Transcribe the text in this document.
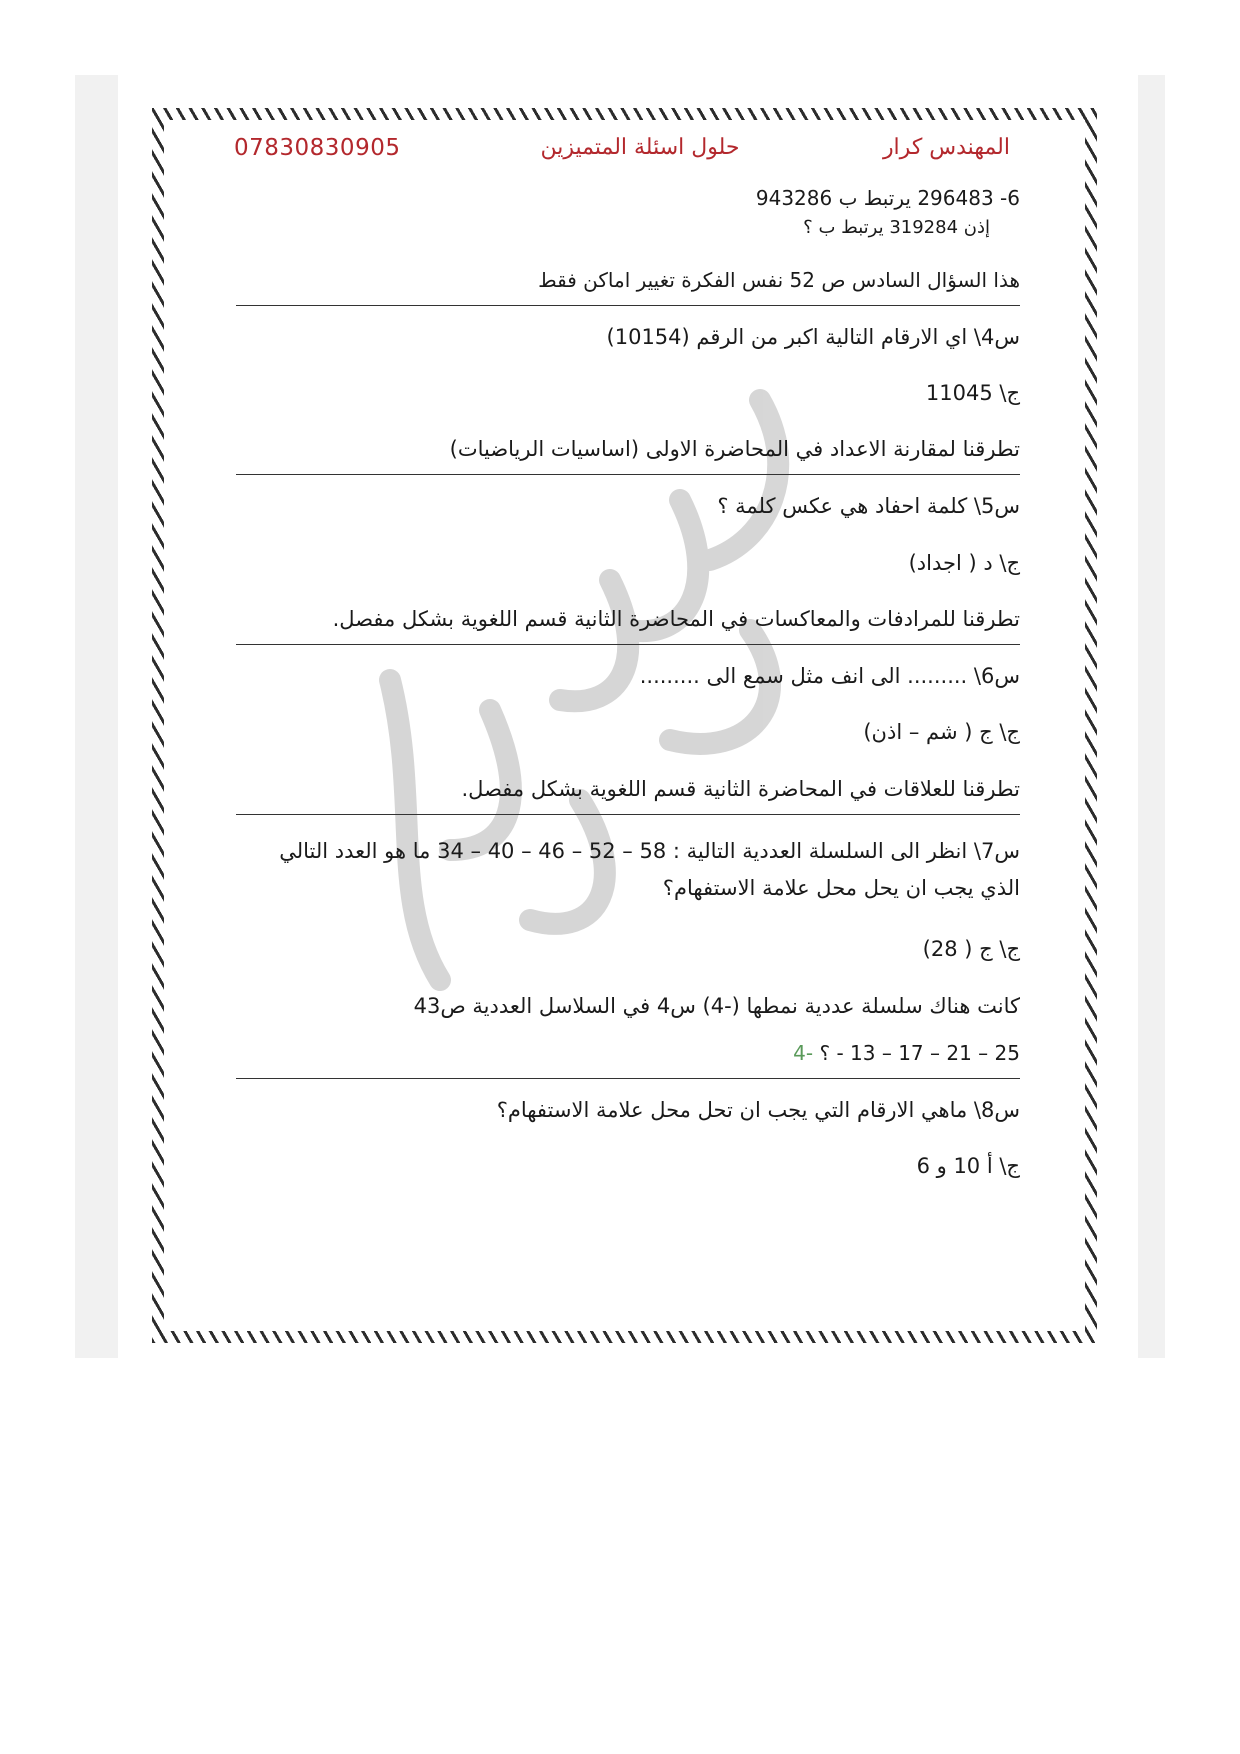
07830830905	حلول اسئلة المتميزين	المهندس كرار

6- 296483 يرتبط ب 943286

إذن 319284 يرتبط ب ؟

هذا السؤال السادس ص 52 نفس الفكرة تغيير اماكن فقط

س4\ اي الارقام التالية اكبر من الرقم (10154)

ج\ 11045

تطرقنا لمقارنة الاعداد في المحاضرة الاولى (اساسيات الرياضيات)

س5\ كلمة احفاد هي عكس كلمة ؟

ج\ د ( اجداد)

تطرقنا للمرادفات والمعاكسات في المحاضرة الثانية قسم اللغوية بشكل مفصل.

س6\ ......... الى انف مثل سمع الى .........

ج\ ج ( شم – اذن)

تطرقنا للعلاقات في المحاضرة الثانية قسم اللغوية بشكل مفصل.

س7\ انظر الى السلسلة العددية التالية : 58 – 52 – 46 – 40 – 34 ما هو العدد التالي الذي يجب ان يحل محل علامة الاستفهام؟

ج\ ج ( 28)

كانت هناك سلسلة عددية نمطها (-4) س4 في السلاسل العددية ص43

25 – 21 – 17 – 13 - ؟ -4

س8\ ماهي الارقام التي يجب ان تحل محل علامة الاستفهام؟

ج\ أ 10 و 6
